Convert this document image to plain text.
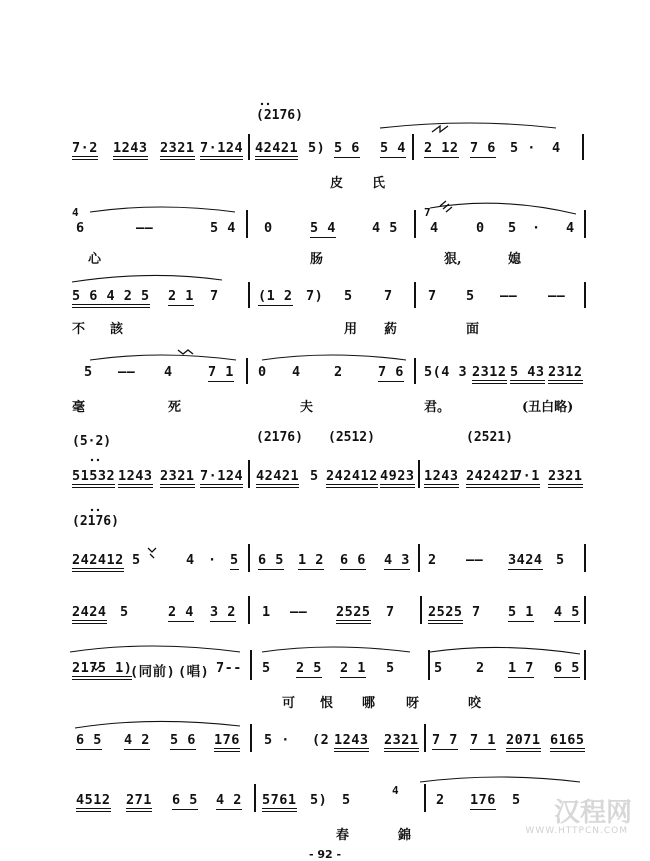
(2176)
7·2 1243 2321 7·124 42421 5) 5 6 5 4 2 12 7 6 5 · 4
皮 氏
4
6	——	5 4 0	5 4	4 5
7
4	0 5 · 4
心	肠	狠,	媳
5 6 4 2 5 2 1 7	(1 2 7) 5 7	7 5 —— ——
不 該	用 葯	面
5 —— 4	7 1 0 4 2	7 6 5(4 3 2312 5 43 2312
毫	死	夫	君。	(丑白略)
(5·2)	(2176) (2512)	(2521)
51532 1243 2321 7·124 42421 5 242412 4923 1243 242421
7·1 2321
(2176)
242412 5	4 · 5 6 5 1 2 6 6 4 3 2 —— 3424 5
2424 5	2 4 3 2 1 —— 2525 7 2525 7 5 1 4 5
2175 1)
(同前) (唱) 7-- 5 2 5 2 1 5	5 2 1 7 6 5
可 恨 哪 呀	咬
6 5 4 2 5 6 176 5 · (2 1243 2321 7 7 7 1 2071 6165
4512 271 6 5 4 2 5761 5) 5
4
2 176 5
春	錦
- 92 -
汉程网
WWW.HTTPCN.COM
